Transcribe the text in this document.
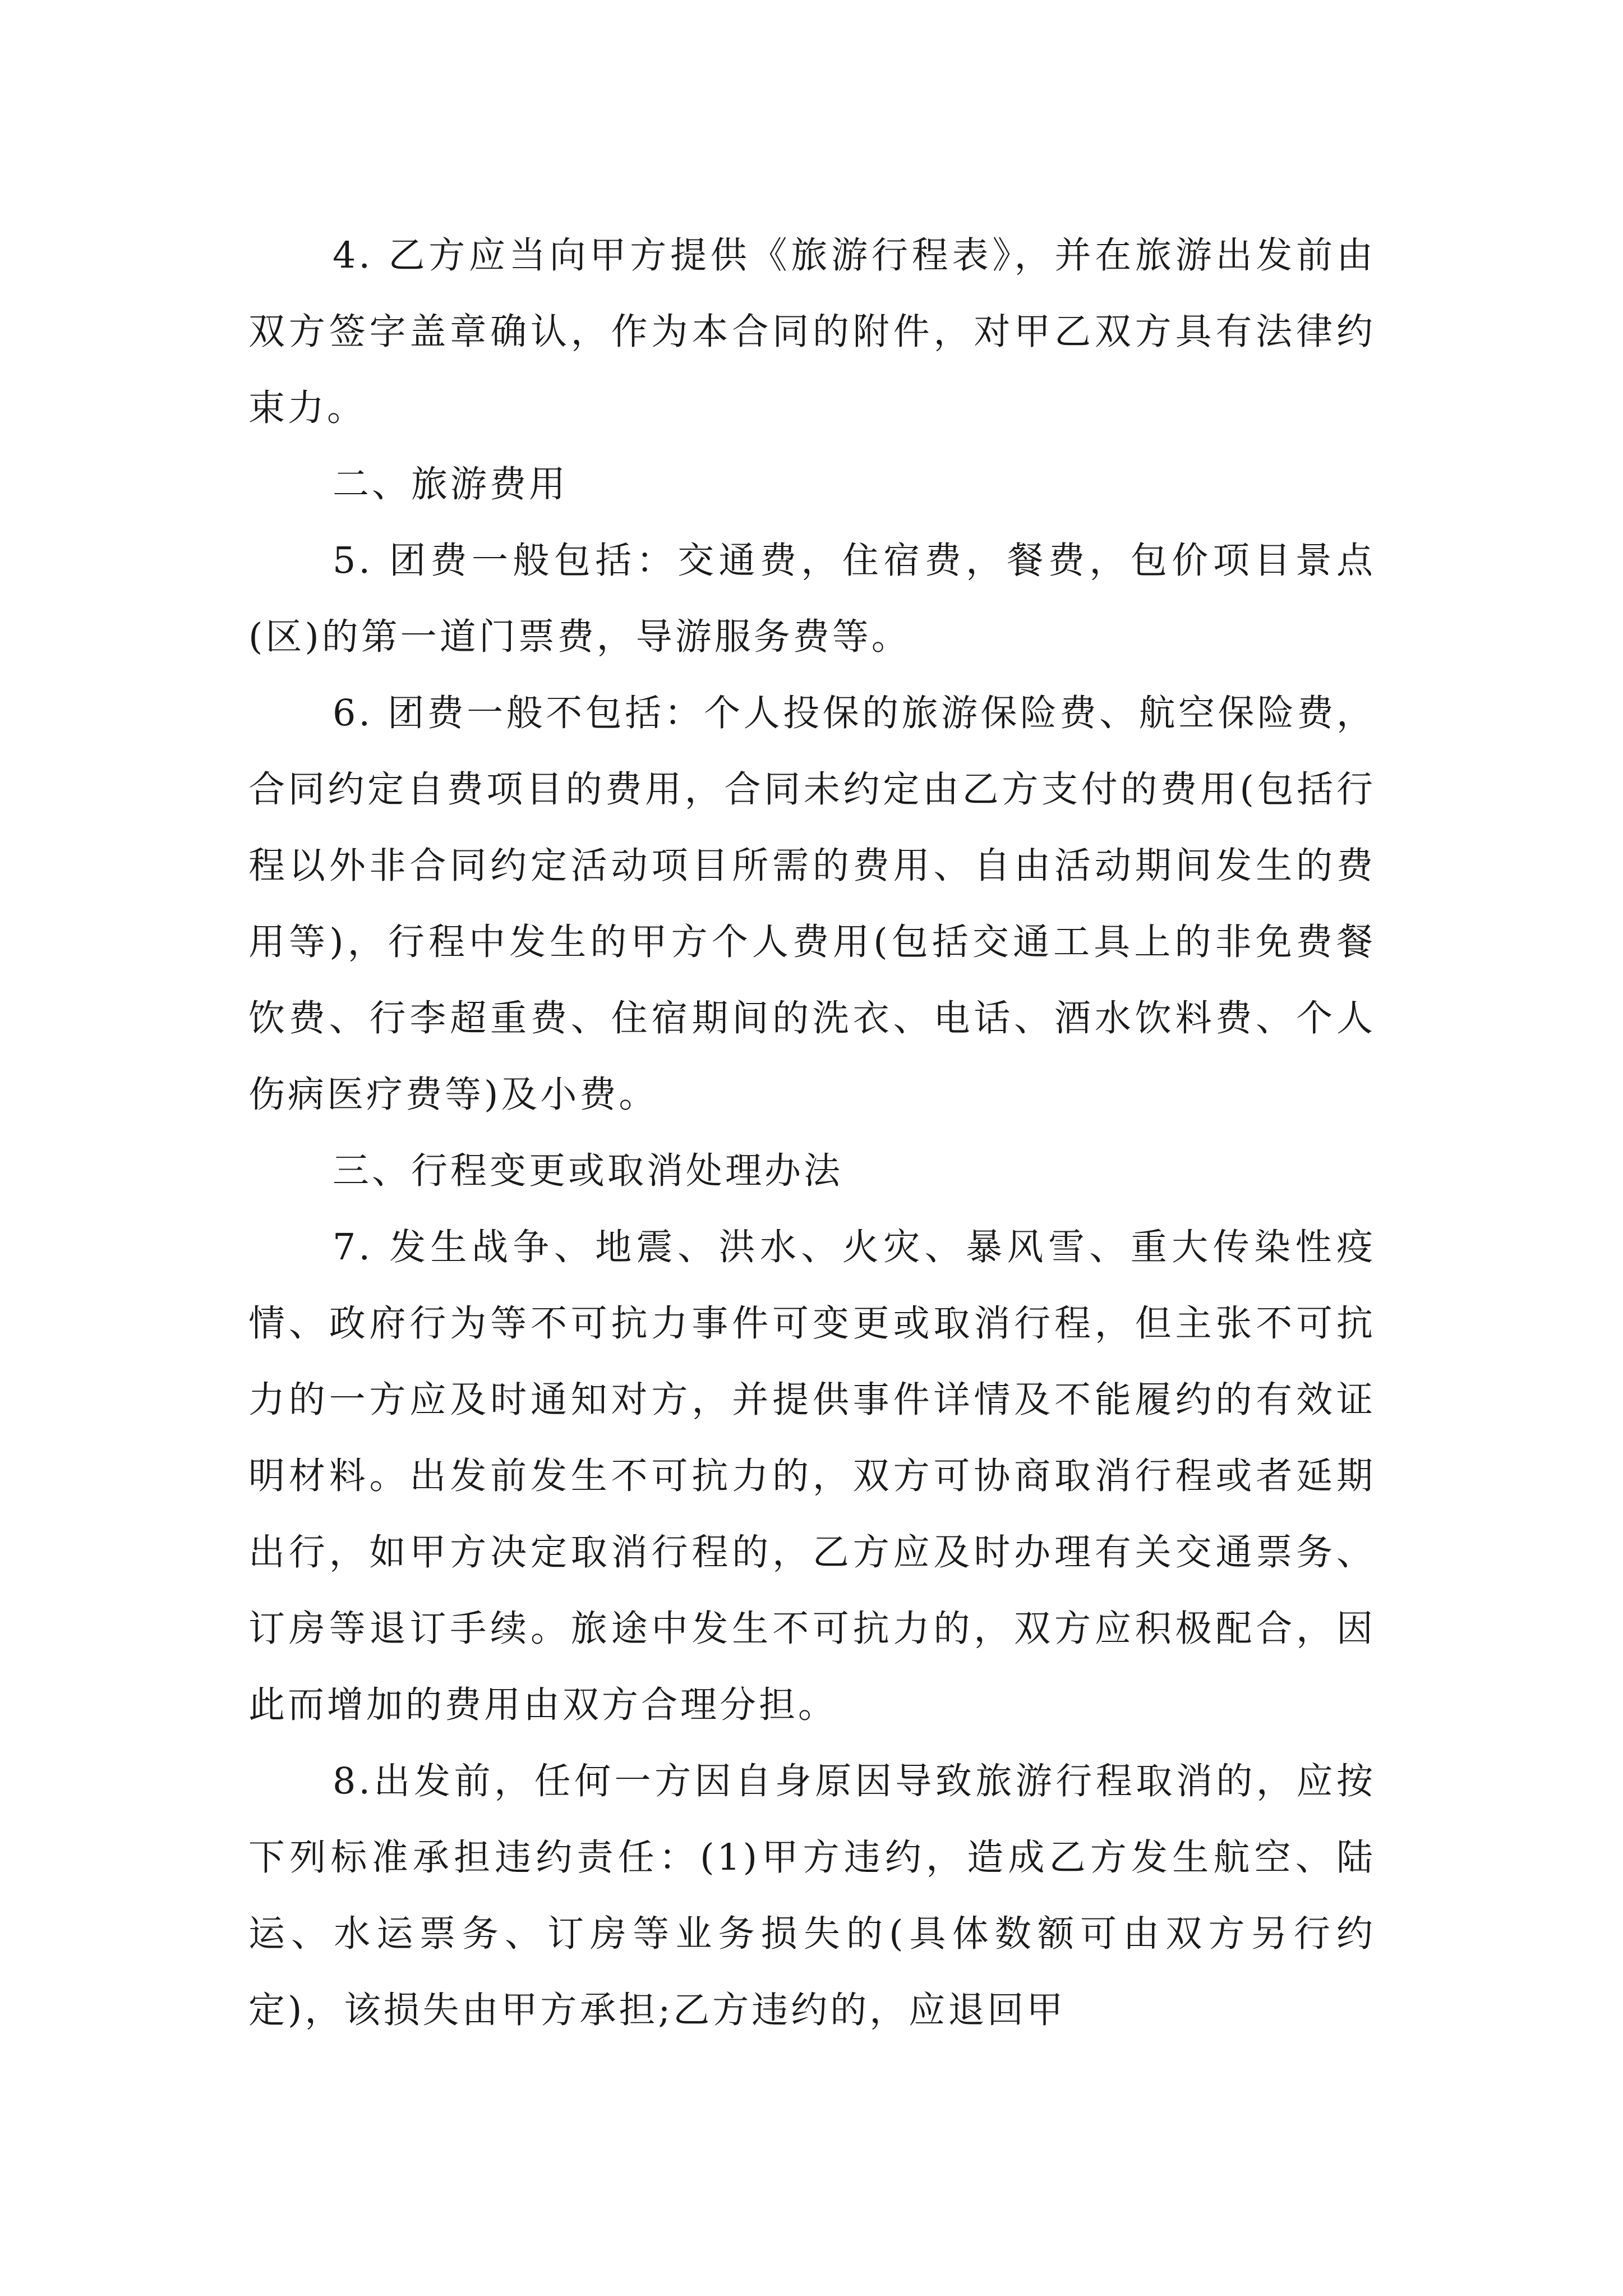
4. 乙方应当向甲方提供《旅游行程表》，并在旅游出发前由双方签字盖章确认，作为本合同的附件，对甲乙双方具有法律约束力。

二、旅游费用

5. 团费一般包括：交通费，住宿费，餐费，包价项目景点(区)的第一道门票费，导游服务费等。

6. 团费一般不包括：个人投保的旅游保险费、航空保险费，合同约定自费项目的费用，合同未约定由乙方支付的费用(包括行程以外非合同约定活动项目所需的费用、自由活动期间发生的费用等)，行程中发生的甲方个人费用(包括交通工具上的非免费餐饮费、行李超重费、住宿期间的洗衣、电话、酒水饮料费、个人伤病医疗费等)及小费。

三、行程变更或取消处理办法

7. 发生战争、地震、洪水、火灾、暴风雪、重大传染性疫情、政府行为等不可抗力事件可变更或取消行程，但主张不可抗力的一方应及时通知对方，并提供事件详情及不能履约的有效证明材料。出发前发生不可抗力的，双方可协商取消行程或者延期出行，如甲方决定取消行程的，乙方应及时办理有关交通票务、订房等退订手续。旅途中发生不可抗力的，双方应积极配合，因此而增加的费用由双方合理分担。

8.出发前，任何一方因自身原因导致旅游行程取消的，应按下列标准承担违约责任：(1)甲方违约，造成乙方发生航空、陆运、水运票务、订房等业务损失的(具体数额可由双方另行约定)，该损失由甲方承担;乙方违约的，应退回甲
